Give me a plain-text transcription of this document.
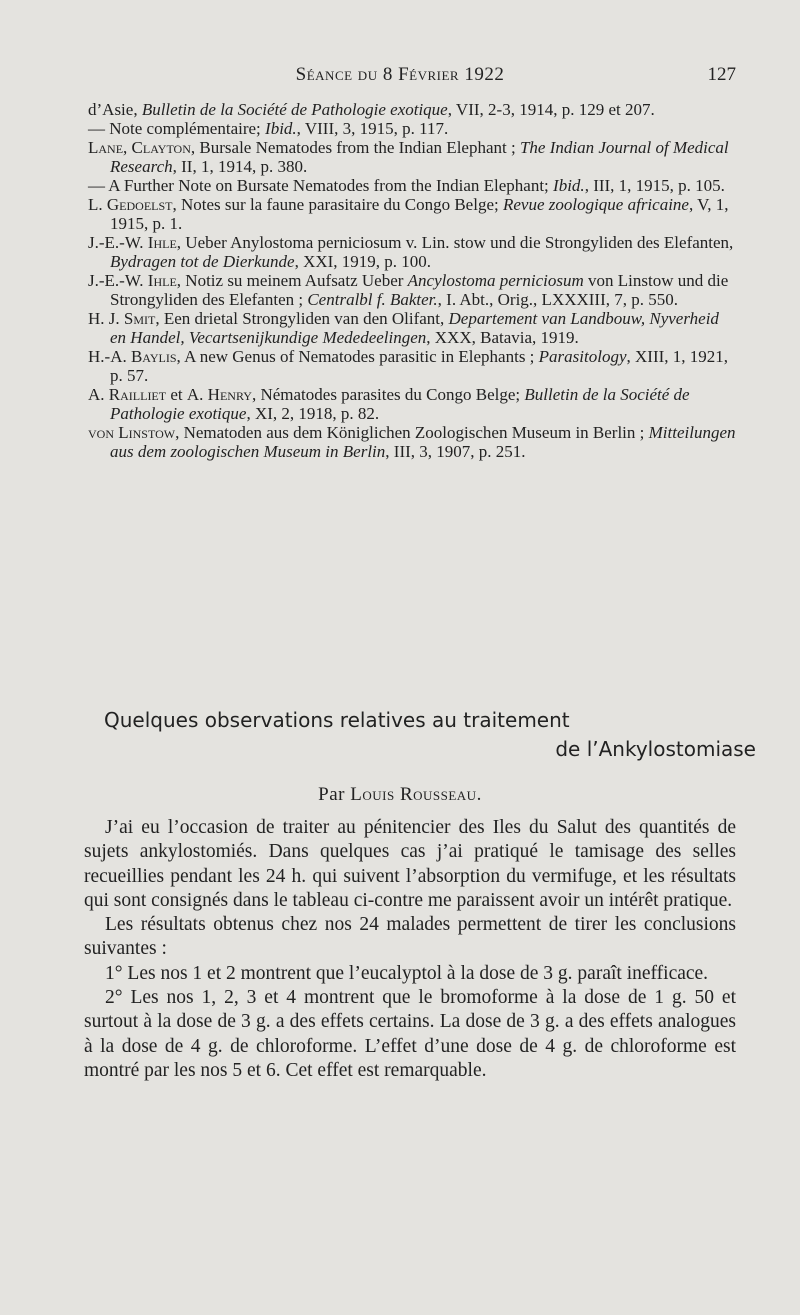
Séance du 8 Février 1922	127

d’Asie, Bulletin de la Société de Pathologie exotique, VII, 2-3, 1914, p. 129 et 207.

— Note complémentaire; Ibid., VIII, 3, 1915, p. 117.

Lane, Clayton, Bursale Nematodes from the Indian Elephant ; The Indian Journal of Medical Research, II, 1, 1914, p. 380.

— A Further Note on Bursate Nematodes from the Indian Elephant; Ibid., III, 1, 1915, p. 105.

L. Gedoelst, Notes sur la faune parasitaire du Congo Belge; Revue zoologique africaine, V, 1, 1915, p. 1.

J.-E.-W. Ihle, Ueber Anylostoma perniciosum v. Lin. stow und die Strongyliden des Elefanten, Bydragen tot de Dierkunde, XXI, 1919, p. 100.

J.-E.-W. Ihle, Notiz su meinem Aufsatz Ueber Ancylostoma perniciosum von Linstow und die Strongyliden des Elefanten ; Centralbl f. Bakter., I. Abt., Orig., LXXXIII, 7, p. 550.

H. J. Smit, Een drietal Strongyliden van den Olifant, Departement van Landbouw, Nyverheid en Handel, Vecartsenijkundige Mededeelingen, XXX, Batavia, 1919.

H.-A. Baylis, A new Genus of Nematodes parasitic in Elephants ; Parasitology, XIII, 1, 1921, p. 57.

A. Railliet et A. Henry, Nématodes parasites du Congo Belge; Bulletin de la Société de Pathologie exotique, XI, 2, 1918, p. 82.

von Linstow, Nematoden aus dem Königlichen Zoologischen Museum in Berlin ; Mitteilungen aus dem zoologischen Museum in Berlin, III, 3, 1907, p. 251.

Quelques observations relatives au traitement
de l’Ankylostomiase
Par Louis Rousseau.

J’ai eu l’occasion de traiter au pénitencier des Iles du Salut des quantités de sujets ankylostomiés. Dans quelques cas j’ai pratiqué le tamisage des selles recueillies pendant les 24 h. qui suivent l’absorption du vermifuge, et les résultats qui sont consignés dans le tableau ci-contre me paraissent avoir un intérêt pratique.

Les résultats obtenus chez nos 24 malades permettent de tirer les conclusions suivantes :

1° Les nos 1 et 2 montrent que l’eucalyptol à la dose de 3 g. paraît inefficace.

2° Les nos 1, 2, 3 et 4 montrent que le bromoforme à la dose de 1 g. 50 et surtout à la dose de 3 g. a des effets certains. La dose de 3 g. a des effets analogues à la dose de 4 g. de chloroforme. L’effet d’une dose de 4 g. de chloroforme est montré par les nos 5 et 6. Cet effet est remarquable.
